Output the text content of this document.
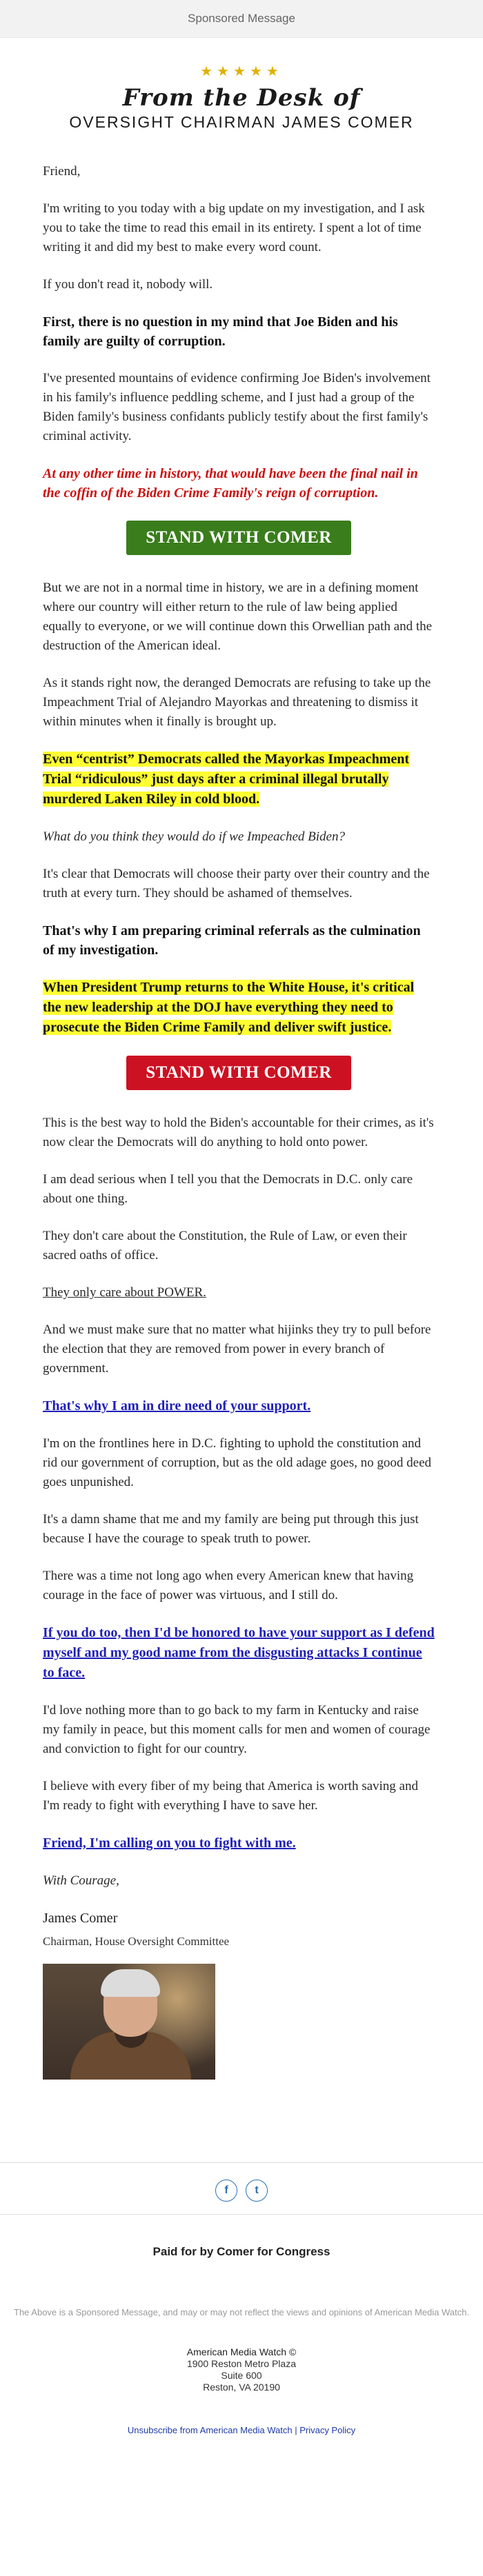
Sponsored Message
★★★★★
From the Desk of
OVERSIGHT CHAIRMAN JAMES COMER

Friend,

I'm writing to you today with a big update on my investigation, and I ask you to take the time to read this email in its entirety. I spent a lot of time writing it and did my best to make every word count.

If you don't read it, nobody will.

First, there is no question in my mind that Joe Biden and his family are guilty of corruption.

I've presented mountains of evidence confirming Joe Biden's involvement in his family's influence peddling scheme, and I just had a group of the Biden family's business confidants publicly testify about the first family's criminal activity.

At any other time in history, that would have been the final nail in the coffin of the Biden Crime Family's reign of corruption.

STAND WITH COMER

But we are not in a normal time in history, we are in a defining moment where our country will either return to the rule of law being applied equally to everyone, or we will continue down this Orwellian path and the destruction of the American ideal.

As it stands right now, the deranged Democrats are refusing to take up the Impeachment Trial of Alejandro Mayorkas and threatening to dismiss it within minutes when it finally is brought up.

Even “centrist” Democrats called the Mayorkas Impeachment Trial “ridiculous” just days after a criminal illegal brutally murdered Laken Riley in cold blood.

What do you think they would do if we Impeached Biden?

It's clear that Democrats will choose their party over their country and the truth at every turn. They should be ashamed of themselves.

That's why I am preparing criminal referrals as the culmination of my investigation.

When President Trump returns to the White House, it's critical the new leadership at the DOJ have everything they need to prosecute the Biden Crime Family and deliver swift justice.

STAND WITH COMER

This is the best way to hold the Biden's accountable for their crimes, as it's now clear the Democrats will do anything to hold onto power.

I am dead serious when I tell you that the Democrats in D.C. only care about one thing.

They don't care about the Constitution, the Rule of Law, or even their sacred oaths of office.

They only care about POWER.

And we must make sure that no matter what hijinks they try to pull before the election that they are removed from power in every branch of government.

That's why I am in dire need of your support.

I'm on the frontlines here in D.C. fighting to uphold the constitution and rid our government of corruption, but as the old adage goes, no good deed goes unpunished.

It's a damn shame that me and my family are being put through this just because I have the courage to speak truth to power.

There was a time not long ago when every American knew that having courage in the face of power was virtuous, and I still do.

If you do too, then I'd be honored to have your support as I defend myself and my good name from the disgusting attacks I continue to face.

I'd love nothing more than to go back to my farm in Kentucky and raise my family in peace, but this moment calls for men and women of courage and conviction to fight for our country.

I believe with every fiber of my being that America is worth saving and I'm ready to fight with everything I have to save her.

Friend, I'm calling on you to fight with me.

With Courage,

James Comer

Chairman, House Oversight Committee

f t
Paid for by Comer for Congress
The Above is a Sponsored Message, and may or may not reflect the views and opinions of American Media Watch.
American Media Watch ©
1900 Reston Metro Plaza
Suite 600
Reston, VA 20190
Unsubscribe from American Media Watch | Privacy Policy
